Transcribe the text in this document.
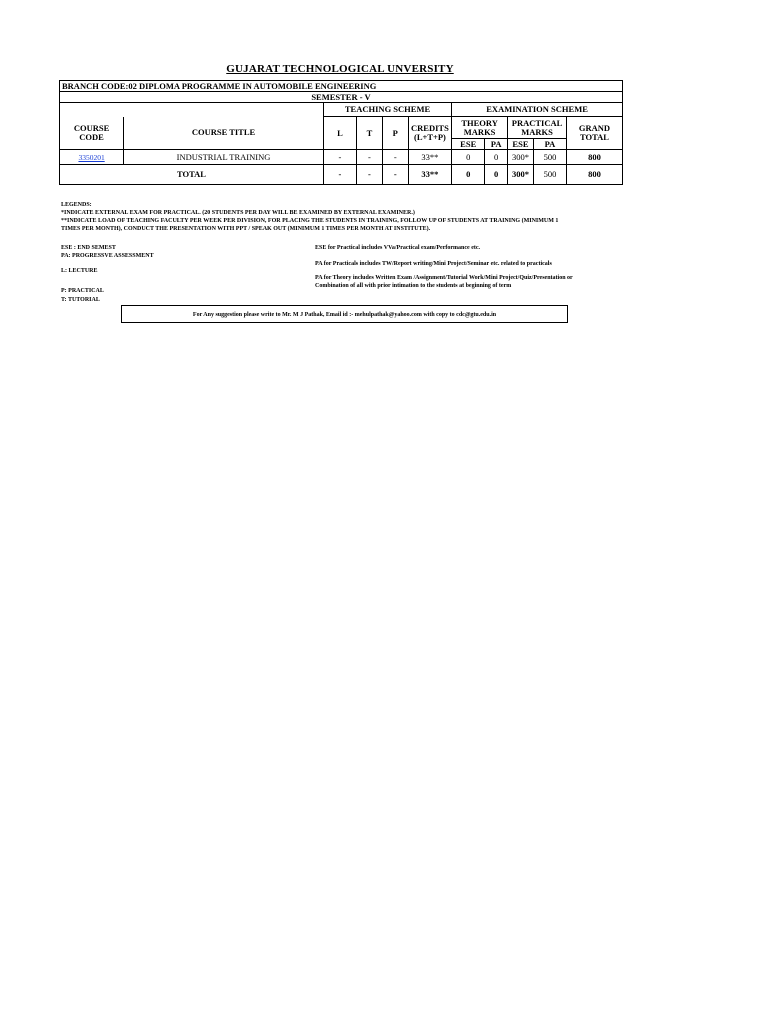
GUJARAT TECHNOLOGICAL UNVERSITY
BRANCH CODE:02 DIPLOMA PROGRAMME IN AUTOMOBILE ENGINEERING										
SEMESTER - V										
		TEACHING SCHEME				EXAMINATION SCHEME				
COURSE CODE	COURSE TITLE	L	T	P	CREDITS (L+T+P)	THEORY MARKS		PRACTICAL MARKS		GRAND TOTAL
						ESE	PA	ESE	PA	
3350201	INDUSTRIAL TRAINING	-	-	-	33**	0	0	300*	500	800
TOTAL		-	-	-	33**	0	0	300*	500	800
LEGENDS:
*INDICATE EXTERNAL EXAM FOR PRACTICAL. (20 STUDENTS PER DAY WILL BE EXAMINED BY EXTERNAL EXAMINER.)
**INDICATE LOAD OF TEACHING FACULTY PER WEEK PER DIVISION, FOR PLACING THE STUDENTS IN TRAINING, FOLLOW UP OF STUDENTS AT TRAINING (MINIMUM 1
TIMES PER MONTH), CONDUCT THE PRESENTATION WITH PPT / SPEAK OUT (MINIMUM 1 TIMES PER MONTH AT INSTITUTE).
ESE : END SEMEST
PA: PROGRESSVE ASSESSMENT
L: LECTURE
P: PRACTICAL
T: TUTORIAL
ESE for Practical includes VVa/Practical exam/Performance etc.
PA for Practicals includes TW/Report writing/Mini Project/Seminar etc. related to practicals
PA for Theory includes Written Exam /Assignment/Tutorial Work/Mini Project/Quiz/Presentation or
Combination of all with prior intimation to the students at beginning of term
For Any suggestion please write to Mr. M J Pathak, Email id :- mehulpathak@yahoo.com with copy to cdc@gtu.edu.in
